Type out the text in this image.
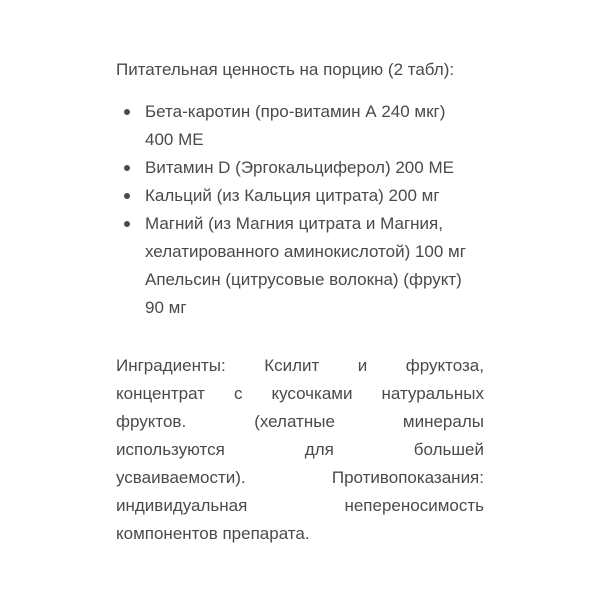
Питательная ценность на порцию (2 табл):

Бета-каротин (про-витамин А 240 мкг)
400 МЕ
Витамин D (Эргокальциферол) 200 МЕ
Кальций (из Кальция цитрата) 200 мг
Магний (из Магния цитрата и Магния,
хелатированного аминокислотой) 100 мг
Апельсин (цитрусовые волокна) (фрукт)
90 мг
Ингрaдиенты: Ксилит и фруктоза,
концентрат с кусочками натуральных
фруктов.	(хелатные	минералы
используются	для	большей
усваиваемости).	Противопоказания:
индивидуальная	непереносимость
компонентов препарата.
